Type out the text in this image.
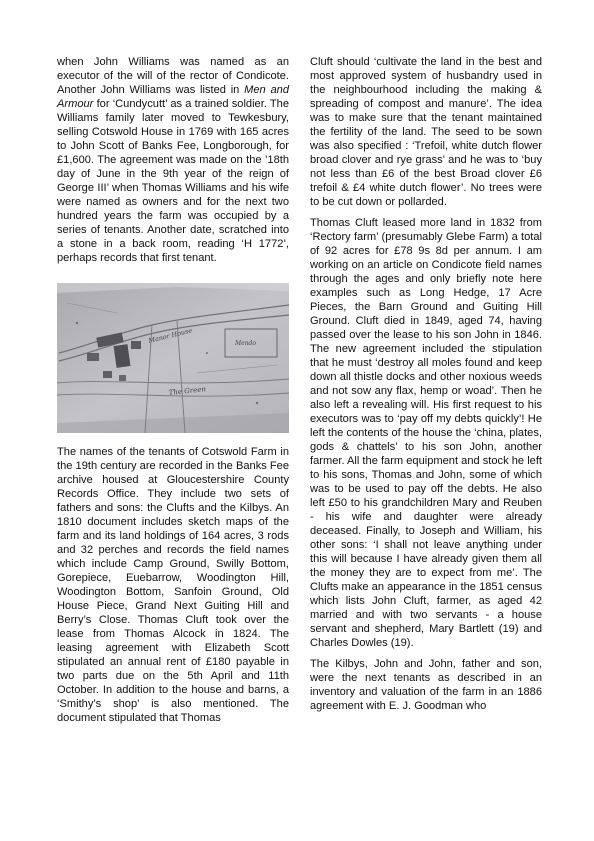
when John Williams was named as an executor of the will of the rector of Condicote. Another John Williams was listed in Men and Armour for ‘Cundycutt’ as a trained soldier. The Williams family later moved to Tewkesbury, selling Cotswold House in 1769 with 165 acres to John Scott of Banks Fee, Longborough, for £1,600. The agreement was made on the ’18th day of June in the 9th year of the reign of George III’ when Thomas Williams and his wife were named as owners and for the next two hundred years the farm was occupied by a series of tenants. Another date, scratched into a stone in a back room, reading ‘H 1772’, perhaps records that first tenant.

Manor House
The Green
Mendo

The names of the tenants of Cotswold Farm in the 19th century are recorded in the Banks Fee archive housed at Gloucestershire County Records Office. They include two sets of fathers and sons: the Clufts and the Kilbys. An 1810 document includes sketch maps of the farm and its land holdings of 164 acres, 3 rods and 32 perches and records the field names which include Camp Ground, Swilly Bottom, Gorepiece, Euebarrow, Woodington Hill, Woodington Bottom, Sanfoin Ground, Old House Piece, Grand Next Guiting Hill and Berry’s Close. Thomas Cluft took over the lease from Thomas Alcock in 1824. The leasing agreement with Elizabeth Scott stipulated an annual rent of £180 payable in two parts due on the 5th April and 11th October. In addition to the house and barns, a ‘Smithy’s shop’ is also mentioned. The document stipulated that Thomas

Cluft should ‘cultivate the land in the best and most approved system of husbandry used in the neighbourhood including the making & spreading of compost and manure’. The idea was to make sure that the tenant maintained the fertility of the land. The seed to be sown was also specified : ‘Trefoil, white dutch flower broad clover and rye grass’ and he was to ‘buy not less than £6 of the best Broad clover £6 trefoil & £4 white dutch flower’. No trees were to be cut down or pollarded.

Thomas Cluft leased more land in 1832 from ‘Rectory farm’ (presumably Glebe Farm) a total of 92 acres for £78 9s 8d per annum. I am working on an article on Condicote field names through the ages and only briefly note here examples such as Long Hedge, 17 Acre Pieces, the Barn Ground and Guiting Hill Ground. Cluft died in 1849, aged 74, having passed over the lease to his son John in 1846. The new agreement included the stipulation that he must ‘destroy all moles found and keep down all thistle docks and other noxious weeds and not sow any flax, hemp or woad’. Then he also left a revealing will. His first request to his executors was to ‘pay off my debts quickly’! He left the contents of the house the ‘china, plates, gods & chattels’ to his son John, another farmer. All the farm equipment and stock he left to his sons, Thomas and John, some of which was to be used to pay off the debts. He also left £50 to his grandchildren Mary and Reuben - his wife and daughter were already deceased. Finally, to Joseph and William, his other sons: ‘I shall not leave anything under this will because I have already given them all the money they are to expect from me’. The Clufts make an appearance in the 1851 census which lists John Cluft, farmer, as aged 42 married and with two servants - a house servant and shepherd, Mary Bartlett (19) and Charles Dowles (19).

The Kilbys, John and John, father and son, were the next tenants as described in an inventory and valuation of the farm in an 1886 agreement with E. J. Goodman who
